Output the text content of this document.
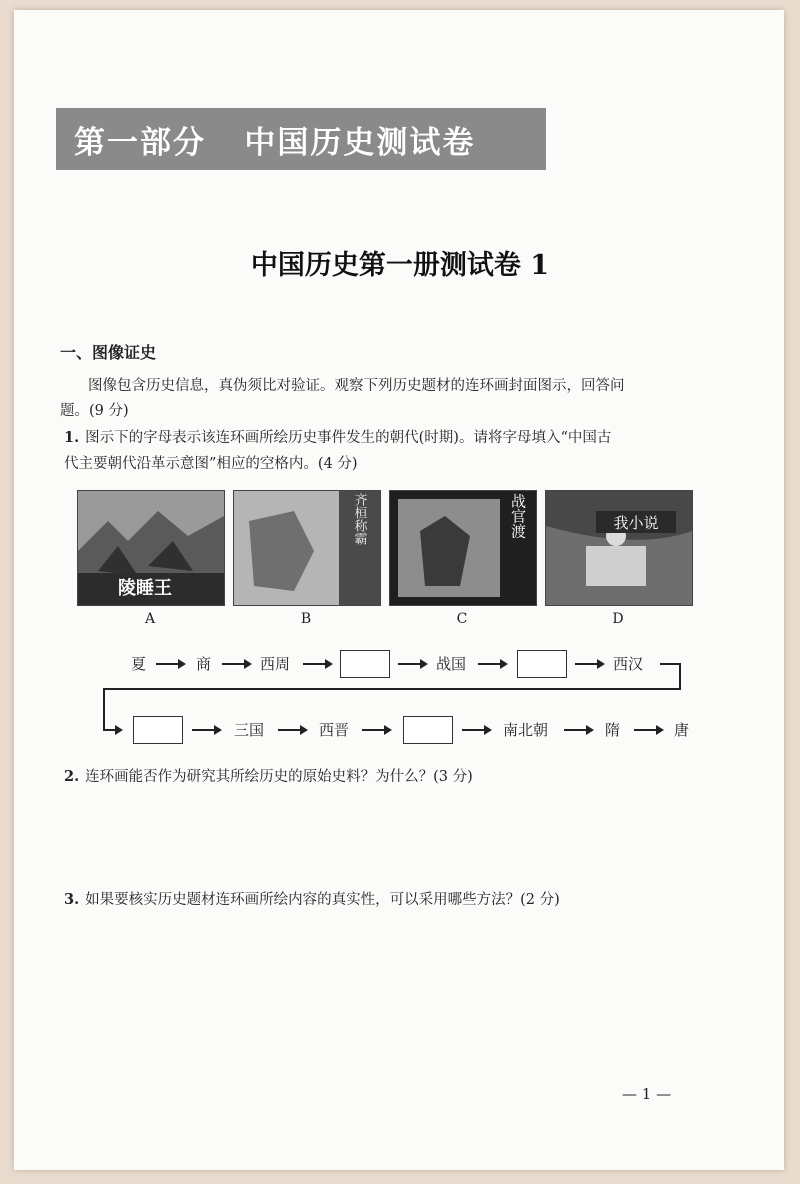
第一部分   中国历史测试卷
中国历史第一册测试卷 1
一、图像证史
图像包含历史信息，真伪须比对验证。观察下列历史题材的连环画封面图示，回答问
题。(9 分)
1. 图示下的字母表示该连环画所绘历史事件发生的朝代(时期)。请将字母填入“中国古
代主要朝代沿革示意图”相应的空格内。(4 分)
陵睡王
齐桓称霸	战官渡	我小说
A	B	C	D
夏	商	西周	战国	西汉
三国	西晋	南北朝	隋	唐
2. 连环画能否作为研究其所绘历史的原始史料？为什么？(3 分)
3. 如果要核实历史题材连环画所绘内容的真实性，可以采用哪些方法？(2 分)
— 1 —
